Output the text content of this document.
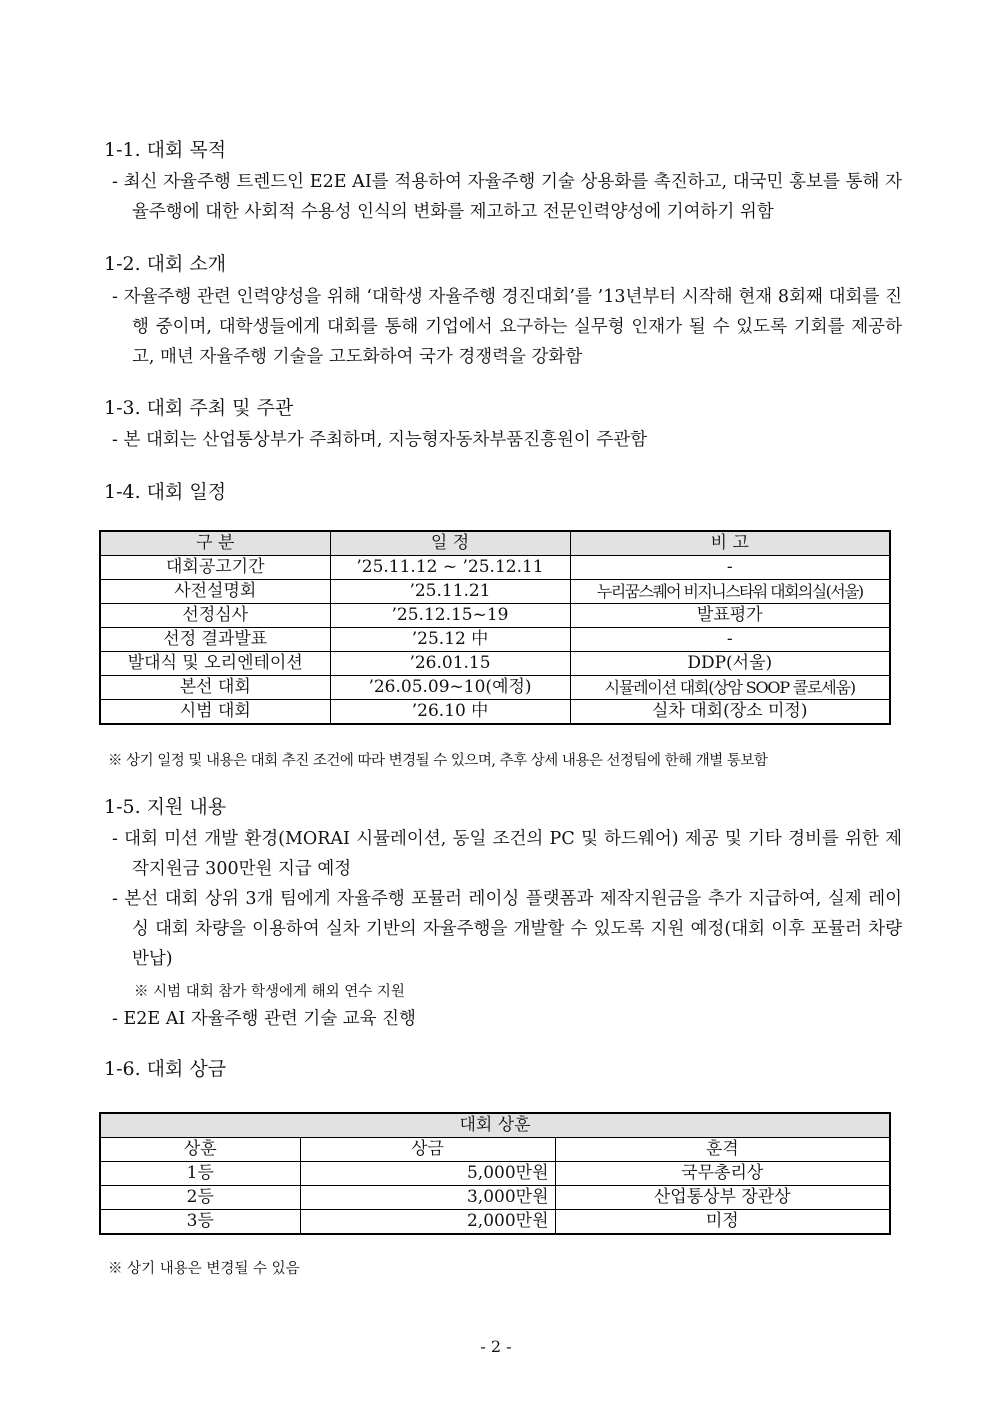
1-1. 대회 목적
- 최신 자율주행 트렌드인 E2E AI를 적용하여 자율주행 기술 상용화를 촉진하고, 대국민 홍보를 통해 자율주행에 대한 사회적 수용성 인식의 변화를 제고하고 전문인력양성에 기여하기 위함
1-2. 대회 소개
- 자율주행 관련 인력양성을 위해 ‘대학생 자율주행 경진대회’를 ’13년부터 시작해 현재 8회째 대회를 진행 중이며, 대학생들에게 대회를 통해 기업에서 요구하는 실무형 인재가 될 수 있도록 기회를 제공하고, 매년 자율주행 기술을 고도화하여 국가 경쟁력을 강화함
1-3. 대회 주최 및 주관
- 본 대회는 산업통상부가 주최하며, 지능형자동차부품진흥원이 주관함
1-4. 대회 일정
구 분	일 정	비 고
대회공고기간	’25.11.12 ~ ’25.12.11	-
사전설명회	’25.11.21	누리꿈스퀘어 비지니스타워 대회의실(서울)
선정심사	’25.12.15~19	발표평가
선정 결과발표	’25.12 中	-
발대식 및 오리엔테이션	’26.01.15	DDP(서울)
본선 대회	’26.05.09~10(예정)	시뮬레이션 대회(상암 SOOP 콜로세움)
시범 대회	’26.10 中	실차 대회(장소 미정)
※ 상기 일정 및 내용은 대회 추진 조건에 따라 변경될 수 있으며, 추후 상세 내용은 선정팀에 한해 개별 통보함
1-5. 지원 내용
- 대회 미션 개발 환경(MORAI 시뮬레이션, 동일 조건의 PC 및 하드웨어) 제공 및 기타 경비를 위한 제작지원금 300만원 지급 예정
- 본선 대회 상위 3개 팀에게 자율주행 포뮬러 레이싱 플랫폼과 제작지원금을 추가 지급하여, 실제 레이싱 대회 차량을 이용하여 실차 기반의 자율주행을 개발할 수 있도록 지원 예정(대회 이후 포뮬러 차량 반납)
※ 시범 대회 참가 학생에게 해외 연수 지원
- E2E AI 자율주행 관련 기술 교육 진행
1-6. 대회 상금
대회 상훈		
상훈	상금	훈격
1등	5,000만원	국무총리상
2등	3,000만원	산업통상부 장관상
3등	2,000만원	미정
※ 상기 내용은 변경될 수 있음
- 2 -
